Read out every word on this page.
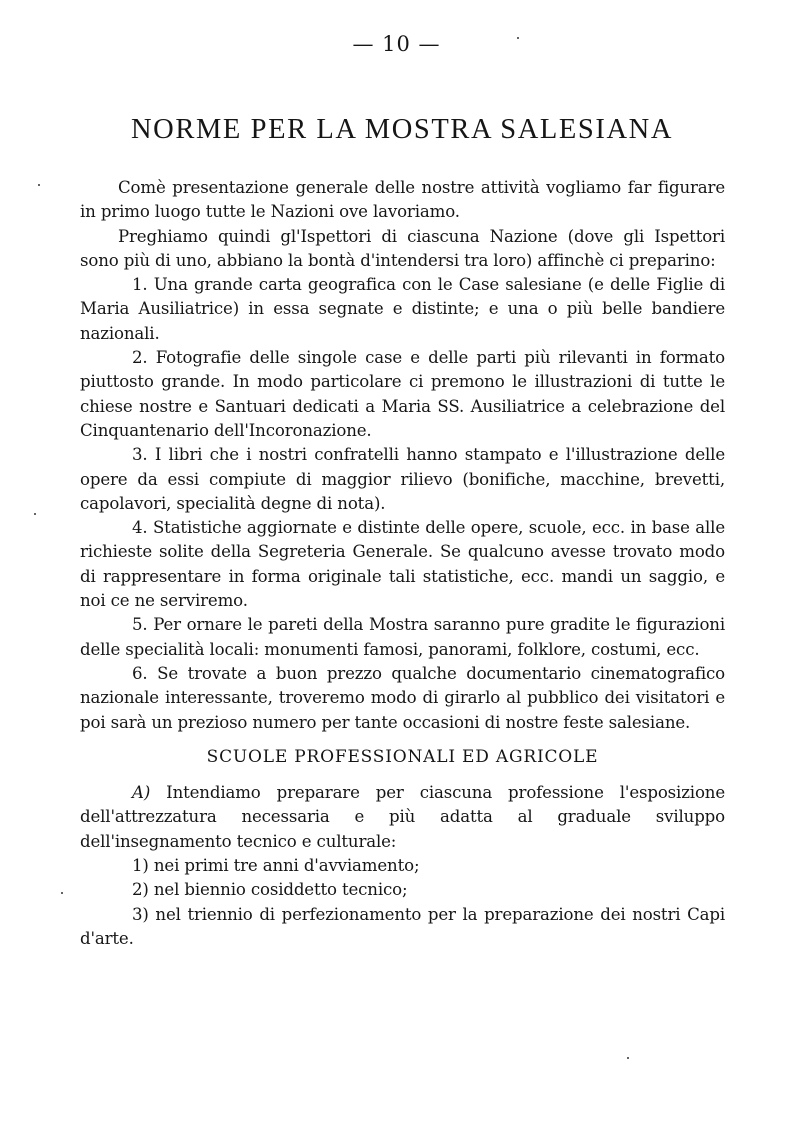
— 10 —
NORME PER LA MOSTRA SALESIANA

Comè presentazione generale delle nostre attività vogliamo far figurare in primo luogo tutte le Nazioni ove lavoriamo.

Preghiamo quindi gl'Ispettori di ciascuna Nazione (dove gli Ispettori sono più di uno, abbiano la bontà d'intendersi tra loro) affinchè ci preparino:

1. Una grande carta geografica con le Case salesiane (e delle Figlie di Maria Ausiliatrice) in essa segnate e distinte; e una o più belle bandiere nazionali.

2. Fotografie delle singole case e delle parti più rilevanti in formato piuttosto grande. In modo particolare ci premono le illustrazioni di tutte le chiese nostre e Santuari dedicati a Maria SS. Ausiliatrice a celebrazione del Cinquantenario dell'Incoronazione.

3. I libri che i nostri confratelli hanno stampato e l'illustrazione delle opere da essi compiute di maggior rilievo (bonifiche, macchine, brevetti, capolavori, specialità degne di nota).

4. Statistiche aggiornate e distinte delle opere, scuole, ecc. in base alle richieste solite della Segreteria Generale. Se qualcuno avesse trovato modo di rappresentare in forma originale tali statistiche, ecc. mandi un saggio, e noi ce ne serviremo.

5. Per ornare le pareti della Mostra saranno pure gradite le figurazioni delle specialità locali: monumenti famosi, panorami, folklore, costumi, ecc.

6. Se trovate a buon prezzo qualche documentario cinematografico nazionale interessante, troveremo modo di girarlo al pubblico dei visitatori e poi sarà un prezioso numero per tante occasioni di nostre feste salesiane.

SCUOLE PROFESSIONALI ED AGRICOLE

A) Intendiamo preparare per ciascuna professione l'esposizione dell'attrezzatura necessaria e più adatta al graduale sviluppo dell'insegnamento tecnico e culturale:

1) nei primi tre anni d'avviamento;

2) nel biennio cosiddetto tecnico;

3) nel triennio di perfezionamento per la preparazione dei nostri Capi d'arte.
